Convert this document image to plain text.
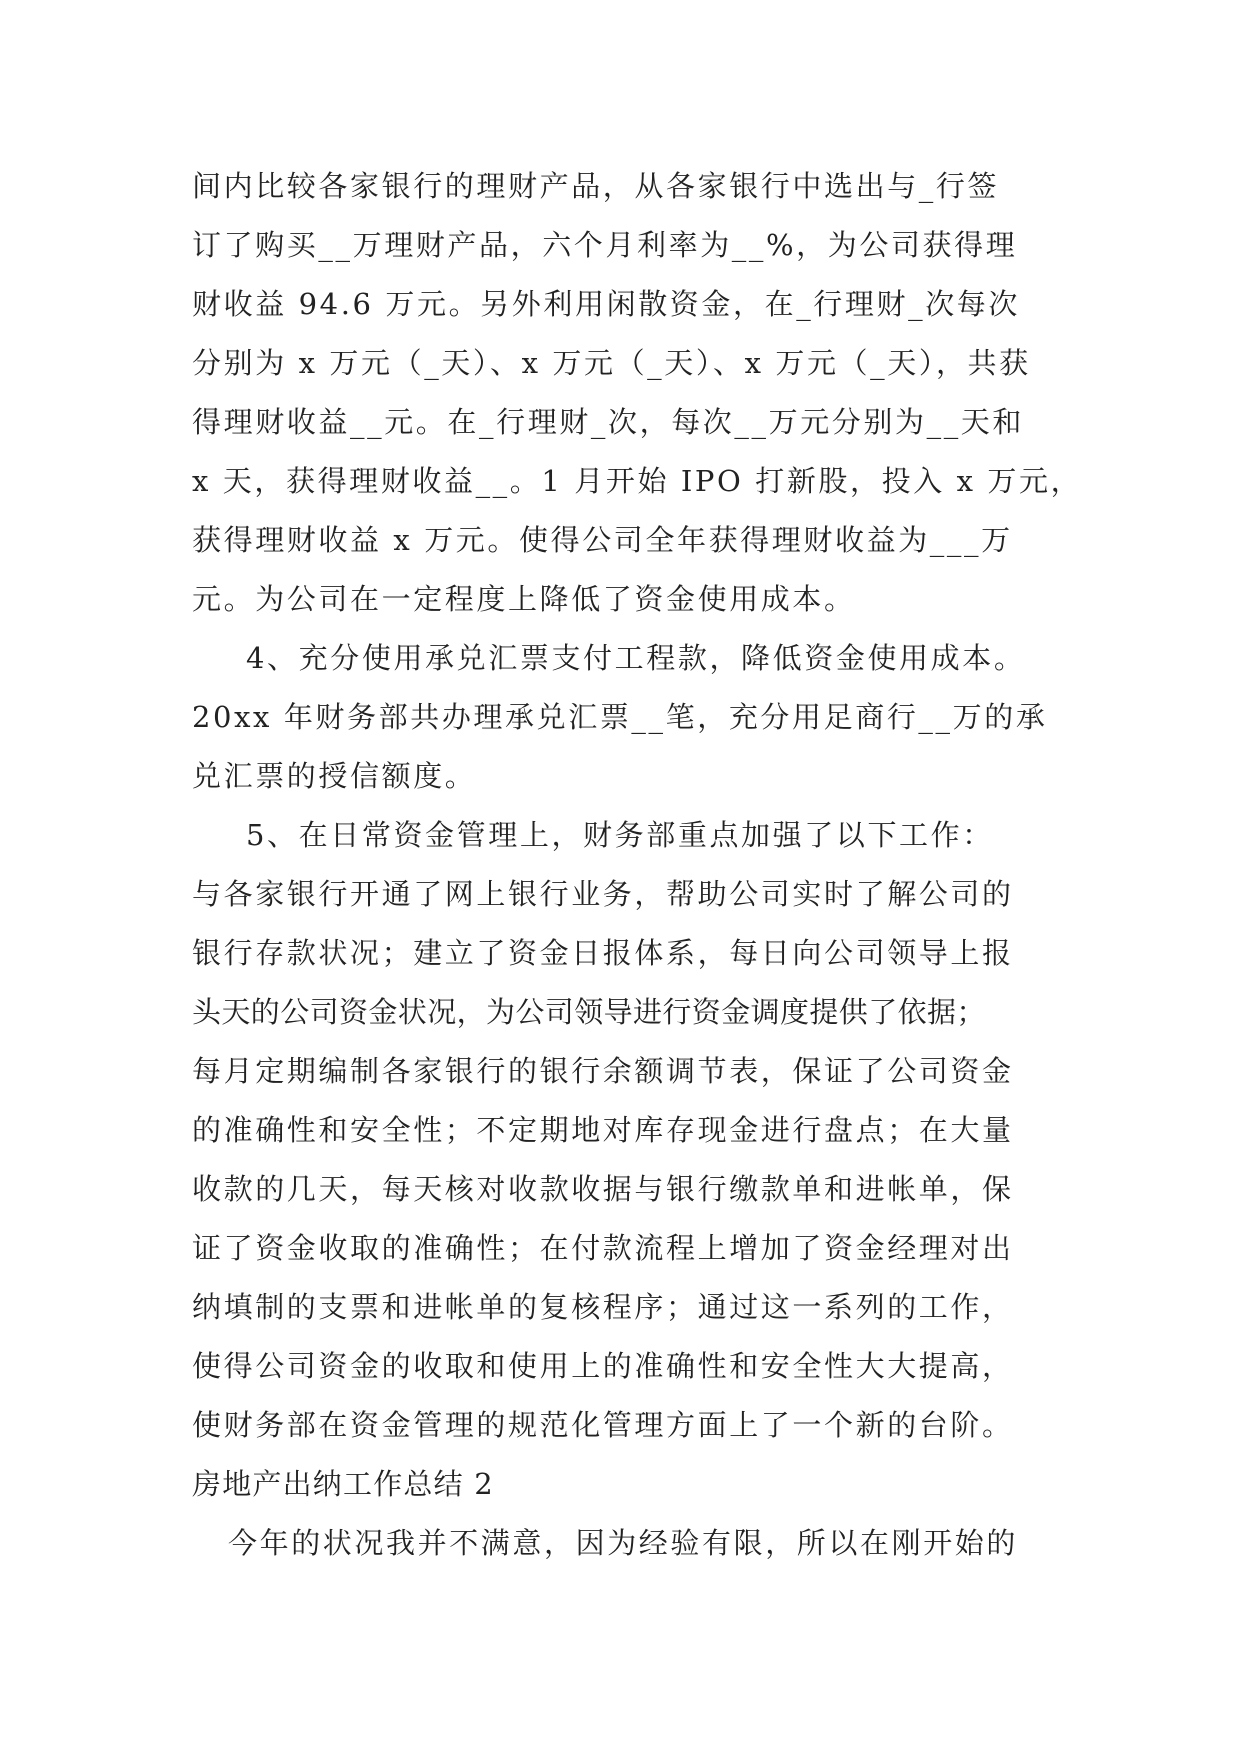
间内比较各家银行的理财产品，从各家银行中选出与_行签
订了购买__万理财产品，六个月利率为__%，为公司获得理
财收益 94.6 万元。另外利用闲散资金，在_行理财_次每次
分别为 x 万元（_天）、x 万元（_天）、x 万元（_天），共获
得理财收益__元。在_行理财_次，每次__万元分别为__天和
x 天，获得理财收益__。1 月开始 IPO 打新股，投入 x 万元，
获得理财收益 x 万元。使得公司全年获得理财收益为___万
元。为公司在一定程度上降低了资金使用成本。
4、充分使用承兑汇票支付工程款，降低资金使用成本。
20xx 年财务部共办理承兑汇票__笔，充分用足商行__万的承
兑汇票的授信额度。
5、在日常资金管理上，财务部重点加强了以下工作：
与各家银行开通了网上银行业务，帮助公司实时了解公司的
银行存款状况；建立了资金日报体系，每日向公司领导上报
头天的公司资金状况，为公司领导进行资金调度提供了依据；
每月定期编制各家银行的银行余额调节表，保证了公司资金
的准确性和安全性；不定期地对库存现金进行盘点；在大量
收款的几天，每天核对收款收据与银行缴款单和进帐单，保
证了资金收取的准确性；在付款流程上增加了资金经理对出
纳填制的支票和进帐单的复核程序；通过这一系列的工作，
使得公司资金的收取和使用上的准确性和安全性大大提高，
使财务部在资金管理的规范化管理方面上了一个新的台阶。
房地产出纳工作总结 2
今年的状况我并不满意，因为经验有限，所以在刚开始的
